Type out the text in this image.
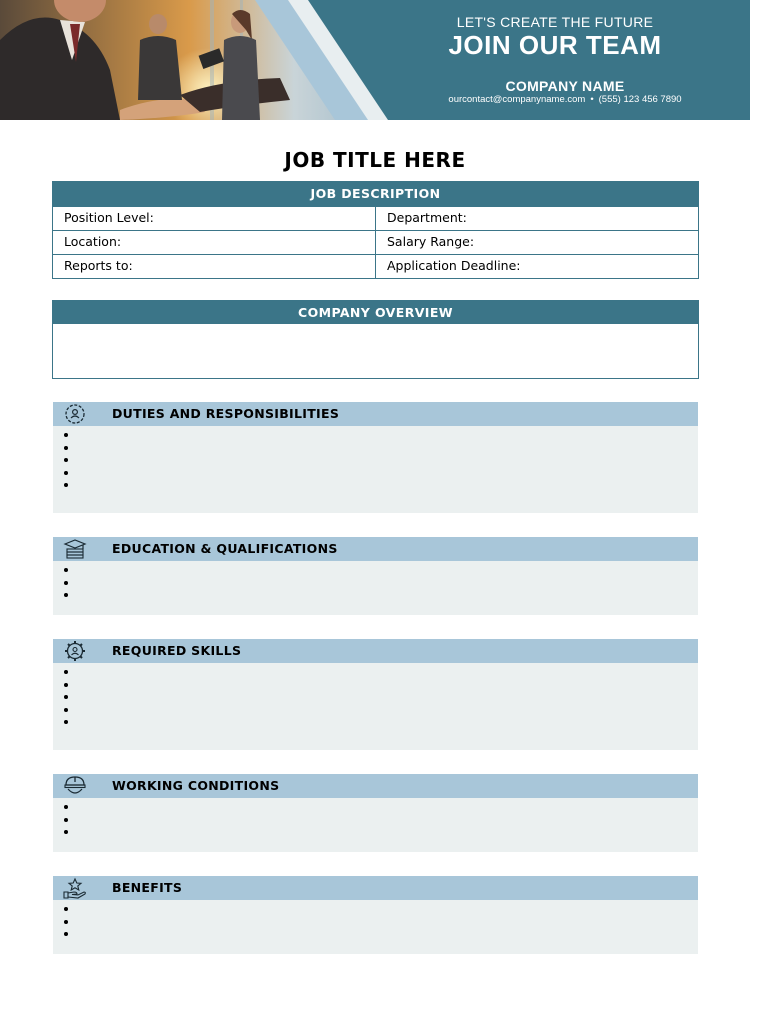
LET'S CREATE THE FUTURE
JOIN OUR TEAM
COMPANY NAME
ourcontact@companyname.com • (555) 123 456 7890
JOB TITLE HERE
JOB DESCRIPTION
Position Level:	Department:
Location:	Salary Range:
Reports to:	Application Deadline:
COMPANY OVERVIEW
DUTIES AND RESPONSIBILITIES
EDUCATION & QUALIFICATIONS
REQUIRED SKILLS
WORKING CONDITIONS
BENEFITS
